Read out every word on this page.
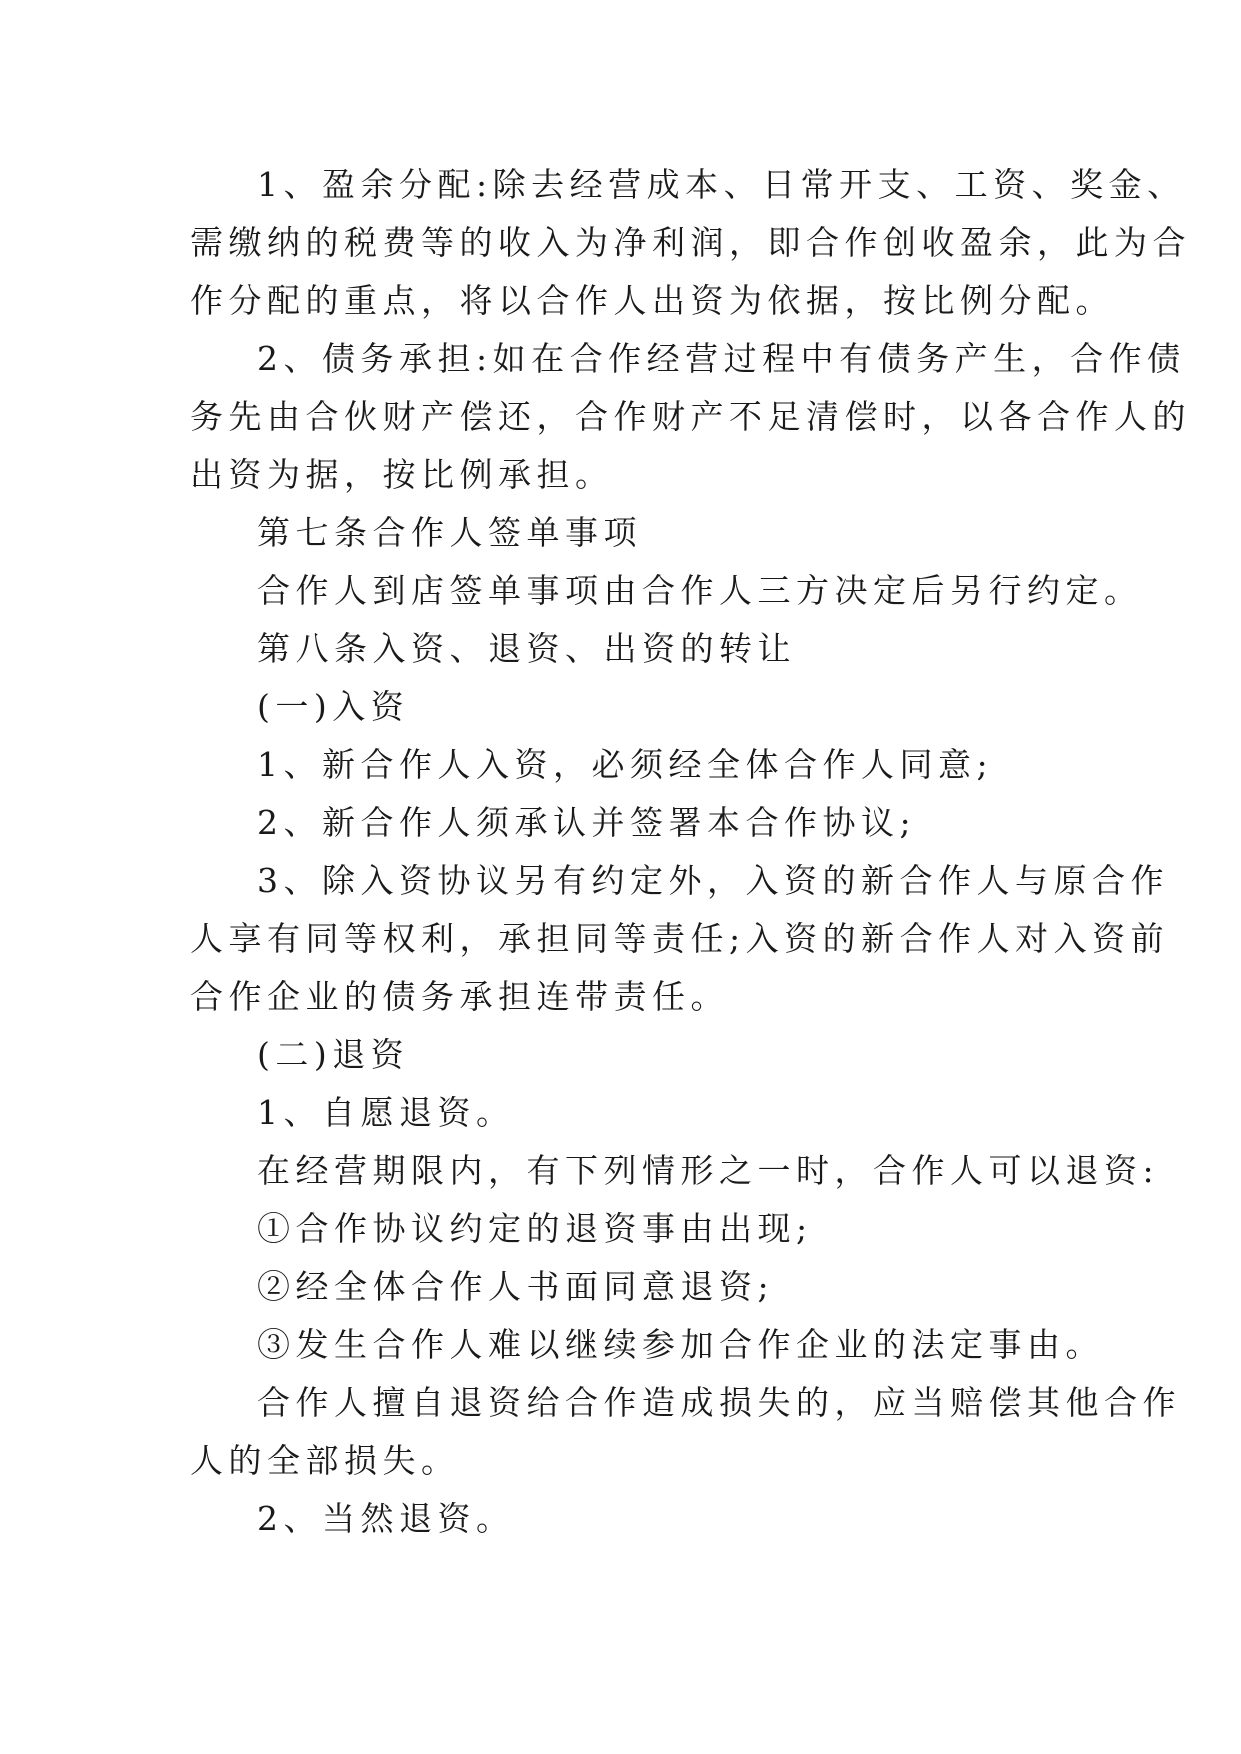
1、盈余分配:除去经营成本、日常开支、工资、奖金、
需缴纳的税费等的收入为净利润，即合作创收盈余，此为合
作分配的重点，将以合作人出资为依据，按比例分配。
2、债务承担:如在合作经营过程中有债务产生，合作债
务先由合伙财产偿还，合作财产不足清偿时，以各合作人的
出资为据，按比例承担。
第七条合作人签单事项
合作人到店签单事项由合作人三方决定后另行约定。
第八条入资、退资、出资的转让
(一)入资
1、新合作人入资，必须经全体合作人同意;
2、新合作人须承认并签署本合作协议;
3、除入资协议另有约定外，入资的新合作人与原合作
人享有同等权利，承担同等责任;入资的新合作人对入资前
合作企业的债务承担连带责任。
(二)退资
1、自愿退资。
在经营期限内，有下列情形之一时，合作人可以退资:
①合作协议约定的退资事由出现;
②经全体合作人书面同意退资;
③发生合作人难以继续参加合作企业的法定事由。
合作人擅自退资给合作造成损失的，应当赔偿其他合作
人的全部损失。
2、当然退资。
